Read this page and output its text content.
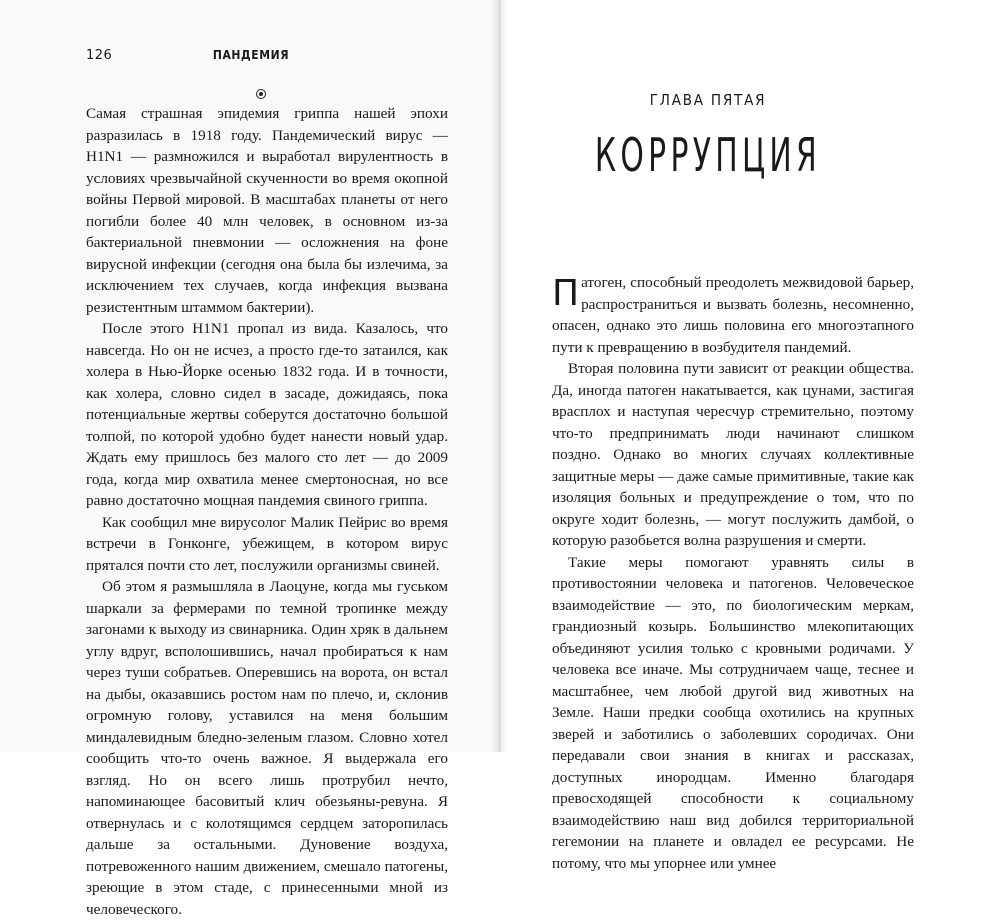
126	ПАНДЕМИЯ

Самая страшная эпидемия гриппа нашей эпохи разразилась в 1918 году. Пандемический вирус — H1N1 — размножился и выработал вирулентность в условиях чрезвычайной скученности во время окопной войны Первой мировой. В масштабах планеты от него погибли более 40 млн человек, в основном из-за бактериальной пневмонии — осложнения на фоне вирусной инфекции (сегодня она была бы излечима, за исключением тех случаев, когда инфекция вызвана резистентным штаммом бактерии).

После этого H1N1 пропал из вида. Казалось, что навсегда. Но он не исчез, а просто где-то затаился, как холера в Нью-Йорке осенью 1832 года. И в точности, как холера, словно сидел в засаде, дожидаясь, пока потенциальные жертвы соберутся достаточно большой толпой, по которой удобно будет нанести новый удар. Ждать ему пришлось без малого сто лет — до 2009 года, когда мир охватила менее смертоносная, но все равно достаточно мощная пандемия свиного гриппа.

Как сообщил мне вирусолог Малик Пейрис во время встречи в Гонконге, убежищем, в котором вирус прятался почти сто лет, послужили организмы свиней.

Об этом я размышляла в Лаоцуне, когда мы гуськом шаркали за фермерами по темной тропинке между загонами к выходу из свинарника. Один хряк в дальнем углу вдруг, всполошившись, начал пробираться к нам через туши собратьев. Оперевшись на ворота, он встал на дыбы, оказавшись ростом нам по плечо, и, склонив огромную голову, уставился на меня большим миндалевидным бледно-зеленым глазом. Словно хотел сообщить что-то очень важное. Я выдержала его взгляд. Но он всего лишь протрубил нечто, напоминающее басовитый клич обезьяны-ревуна. Я отвернулась и с колотящимся сердцем заторопилась дальше за остальными. Дуновение воздуха, потревоженного нашим движением, смешало патогены, зреющие в этом стаде, с принесенными мной из человеческого.

ГЛАВА ПЯТАЯ
КОРРУПЦИЯ

Патоген, способный преодолеть межвидовой барьер, распространиться и вызвать болезнь, несомненно, опасен, однако это лишь половина его многоэтапного пути к превращению в возбудителя пандемий.

Вторая половина пути зависит от реакции общества. Да, иногда патоген накатывается, как цунами, застигая врасплох и наступая чересчур стремительно, поэтому что-то предпринимать люди начинают слишком поздно. Однако во многих случаях коллективные защитные меры — даже самые примитивные, такие как изоляция больных и предупреждение о том, что по округе ходит болезнь, — могут послужить дамбой, о которую разобьется волна разрушения и смерти.

Такие меры помогают уравнять силы в противостоянии человека и патогенов. Человеческое взаимодействие — это, по биологическим меркам, грандиозный козырь. Большинство млекопитающих объединяют усилия только с кровными родичами. У человека все иначе. Мы сотрудничаем чаще, теснее и масштабнее, чем любой другой вид животных на Земле. Наши предки сообща охотились на крупных зверей и заботились о заболевших сородичах. Они передавали свои знания в книгах и рассказах, доступных инородцам. Именно благодаря превосходящей способности к социальному взаимодействию наш вид добился территориальной гегемонии на планете и овладел ее ресурсами. Не потому, что мы упорнее или умнее
